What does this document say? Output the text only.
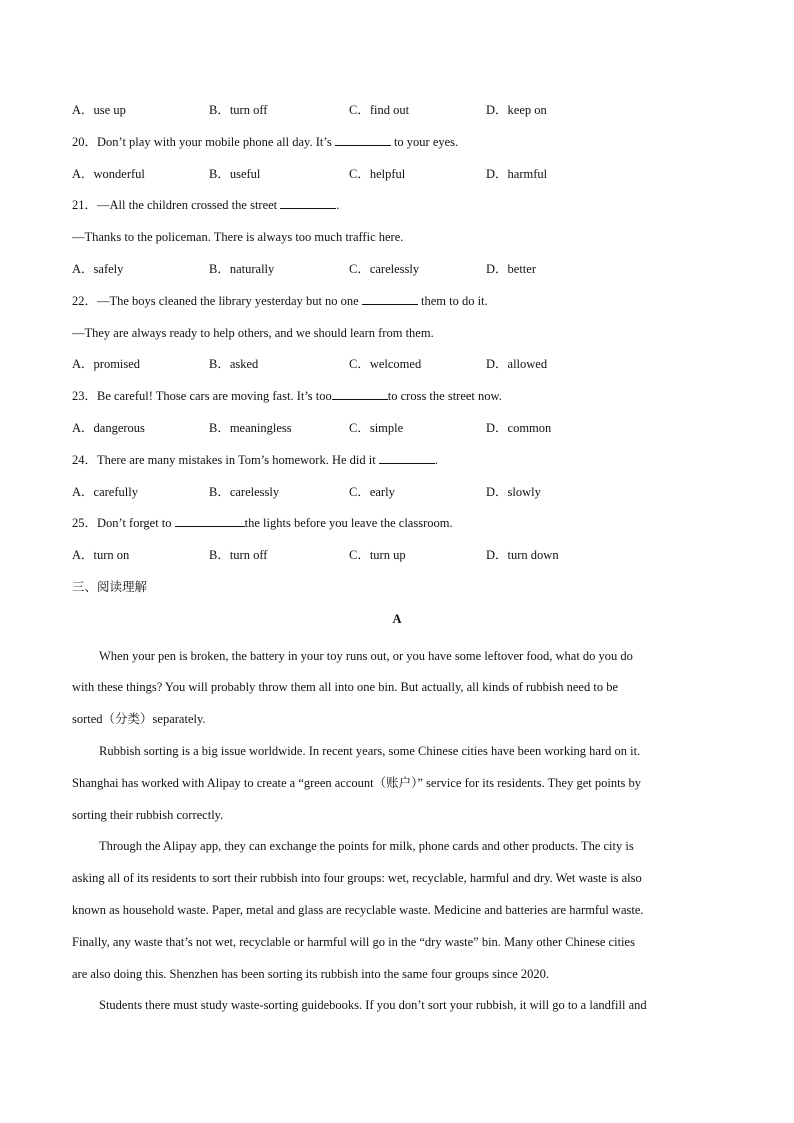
A．use up	B．turn off	C．find out	D．keep on
20．Don’t play with your mobile phone all day. It’s	to your eyes.
A．wonderful	B．useful	C．helpful	D．harmful
21．—All the children crossed the street	.
—Thanks to the policeman. There is always too much traffic here.
A．safely	B．naturally	C．carelessly	D．better
22．—The boys cleaned the library yesterday but no one	them to do it.
—They are always ready to help others, and we should learn from them.
A．promised	B．asked	C．welcomed	D．allowed
23．Be careful! Those cars are moving fast. It’s too	to cross the street now.
A．dangerous	B．meaningless	C．simple	D．common
24．There are many mistakes in Tom’s homework. He did it	.
A．carefully	B．carelessly	C．early	D．slowly
25．Don’t forget to	the lights before you leave the classroom.
A．turn on	B．turn off	C．turn up	D．turn down
三、阅读理解
A
When your pen is broken, the battery in your toy runs out, or you have some leftover food, what do you do
with these things? You will probably throw them all into one bin. But actually, all kinds of rubbish need to be
sorted（分类）separately.
Rubbish sorting is a big issue worldwide. In recent years, some Chinese cities have been working hard on it.
Shanghai has worked with Alipay to create a “green account（账户）” service for its residents. They get points by
sorting their rubbish correctly.
Through the Alipay app, they can exchange the points for milk, phone cards and other products. The city is
asking all of its residents to sort their rubbish into four groups: wet, recyclable, harmful and dry. Wet waste is also
known as household waste. Paper, metal and glass are recyclable waste. Medicine and batteries are harmful waste.
Finally, any waste that’s not wet, recyclable or harmful will go in the “dry waste” bin. Many other Chinese cities
are also doing this. Shenzhen has been sorting its rubbish into the same four groups since 2020.
Students there must study waste-sorting guidebooks. If you don’t sort your rubbish, it will go to a landfill and
